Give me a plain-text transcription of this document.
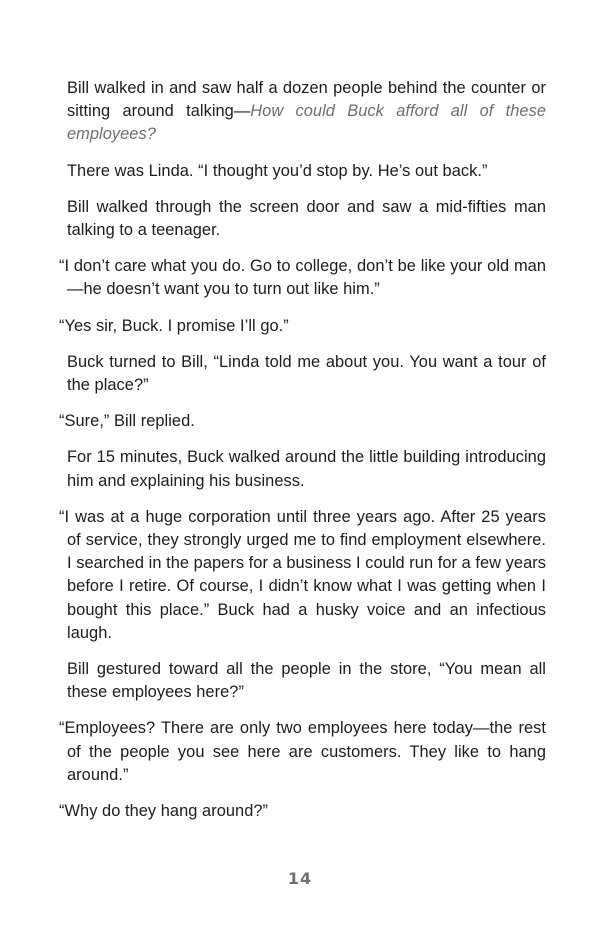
Bill walked in and saw half a dozen people behind the counter or sitting around talking—How could Buck afford all of these employees?

There was Linda. “I thought you’d stop by. He’s out back.”

Bill walked through the screen door and saw a mid-fifties man talking to a teenager.

“I don’t care what you do. Go to college, don’t be like your old man—he doesn’t want you to turn out like him.”

“Yes sir, Buck. I promise I’ll go.”

Buck turned to Bill, “Linda told me about you. You want a tour of the place?”

“Sure,” Bill replied.

For 15 minutes, Buck walked around the little building introducing him and explaining his business.

“I was at a huge corporation until three years ago. After 25 years of service, they strongly urged me to find employment elsewhere. I searched in the papers for a business I could run for a few years before I retire. Of course, I didn’t know what I was getting when I bought this place.” Buck had a husky voice and an infectious laugh.

Bill gestured toward all the people in the store, “You mean all these employees here?”

“Employees? There are only two employees here today—the rest of the people you see here are customers. They like to hang around.”

“Why do they hang around?”

14
